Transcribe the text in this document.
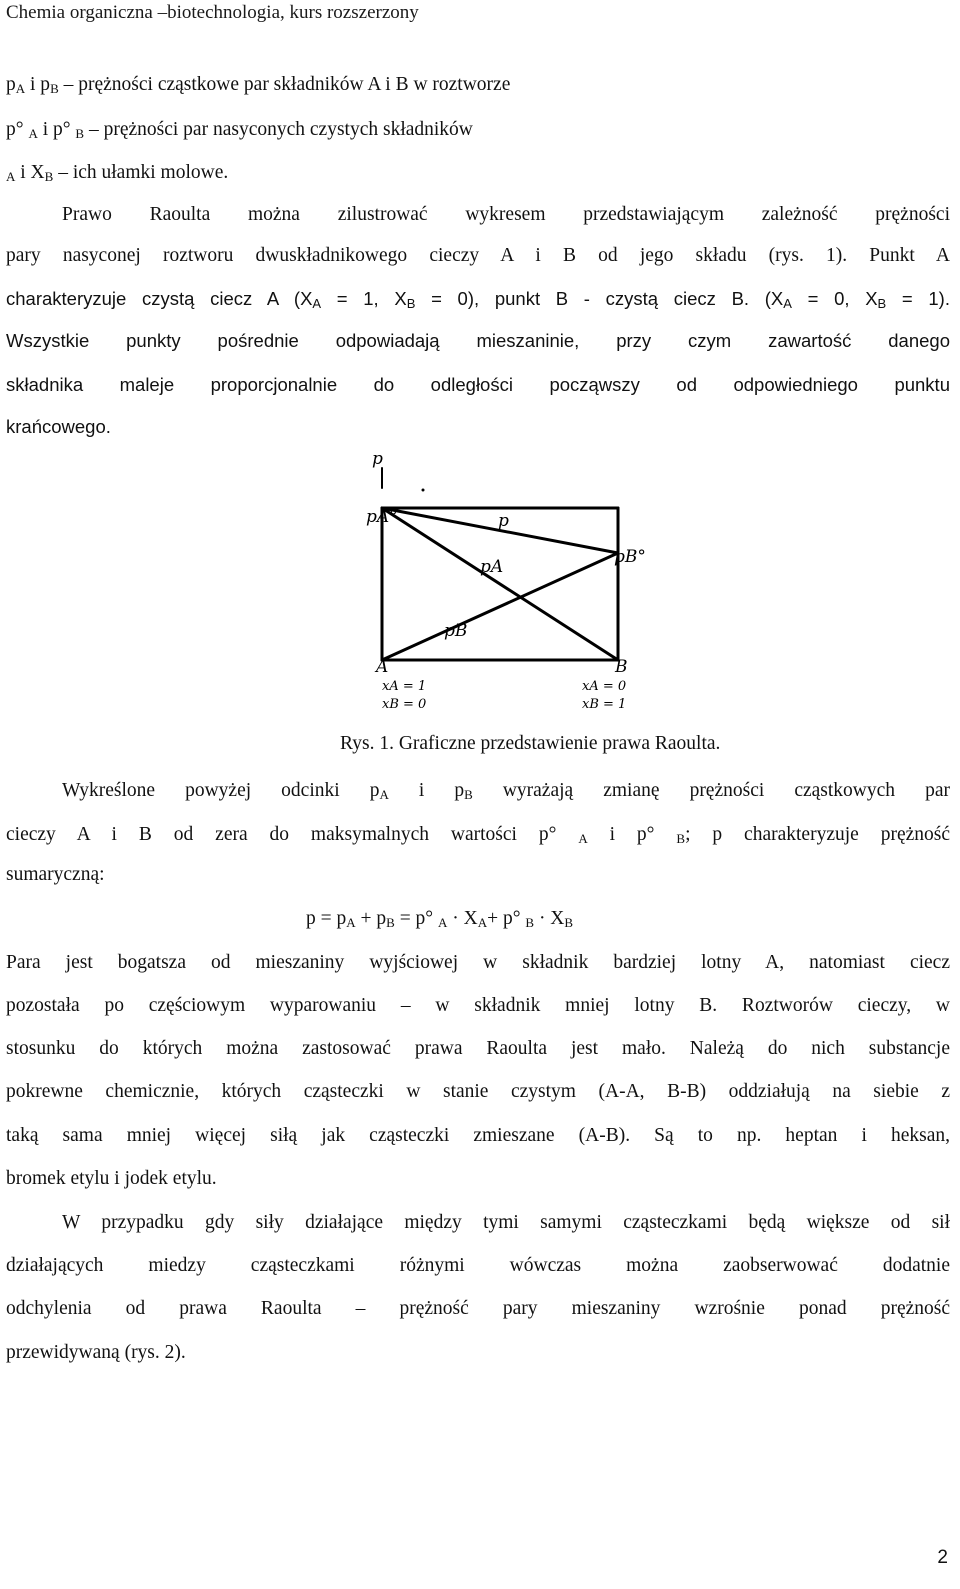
Chemia organiczna –biotechnologia, kurs rozszerzony
$p_A$ i $p_B$ – prężności cząstkowe par składników A i B w roztworze
p° $_A$ i p° $_B$ – prężności par nasyconych czystych składników
$_A$ i $X_B$ – ich ułamki molowe.
Prawo Raoulta można zilustrować wykresem przedstawiającym zależność prężności
pary nasyconej roztworu dwuskładnikowego cieczy A i B od jego składu (rys. 1). Punkt A
charakteryzuje czystą ciecz A ($X_A = 1$, $X_B = 0$), punkt B - czystą ciecz B. ($X_A = 0$, $X_B = 1$).
Wszystkie punkty pośrednie odpowiadają mieszaninie, przy czym zawartość danego
składnika maleje proporcjonalnie do odległości począwszy od odpowiedniego punktu
krańcowego.
p
pA°	p
pB°
pA
pB
A	B
xA = 1
xB = 0
xA = 0
xB = 1
Rys. 1. Graficzne przedstawienie prawa Raoulta.
Wykreślone powyżej odcinki $p_A$ i $p_B$ wyrażają zmianę prężności cząstkowych par
cieczy A i B od zera do maksymalnych wartości p° $_A$ i p° $_B$; p charakteryzuje prężność
sumaryczną:
$p = p_A + p_B = p^\circ$ $_A \cdot X_A+ p^\circ$ $_B \cdot X_B$
Para jest bogatsza od mieszaniny wyjściowej w składnik bardziej lotny A, natomiast ciecz
pozostała po częściowym wyparowaniu – w składnik mniej lotny B. Roztworów cieczy, w
stosunku do których można zastosować prawa Raoulta jest mało. Należą do nich substancje
pokrewne chemicznie, których cząsteczki w stanie czystym (A-A, B-B) oddziałują na siebie z
taką sama mniej więcej siłą jak cząsteczki zmieszane (A-B). Są to np. heptan i heksan,
bromek etylu i jodek etylu.
W przypadku gdy siły działające między tymi samymi cząsteczkami będą większe od sił
działających miedzy cząsteczkami różnymi wówczas można zaobserwować dodatnie
odchylenia od prawa Raoulta – prężność pary mieszaniny wzrośnie ponad prężność
przewidywaną (rys. 2).
2
